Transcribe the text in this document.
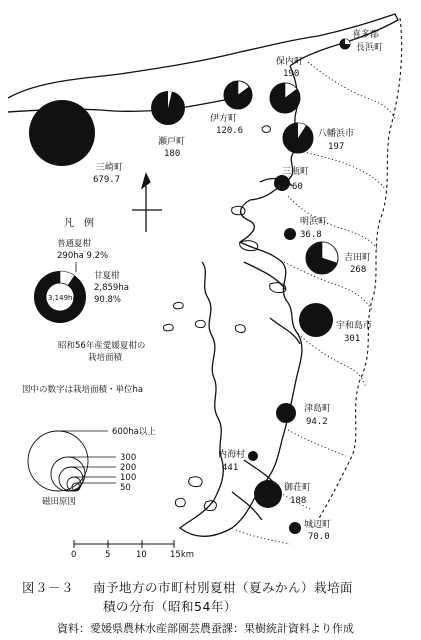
喜多郡
長浜町
保内町
190
三崎町
679.7
瀬戸町
180
伊方町
120.6	八幡浜市
197
三瓶町
60
明浜町
36.8
吉田町
268
宇和島市
301
津島町
94.2
内海村
441
御荘町
188
城辺町
70.0
凡　例
普通夏柑
290ha 9.2%
3,149ha
甘夏柑
2,859ha
90.8%
昭和56年産愛媛夏柑の
栽培面積
図中の数字は栽培面積・単位ha
600ha以上
300
200
100
50
磁田原図
0	5	10	15km
図３－３ 南予地方の市町村別夏柑（夏みかん）栽培面
積の分布（昭和54年）
資料：愛媛県農林水産部園芸農蚕課：果樹統計資料より作成
